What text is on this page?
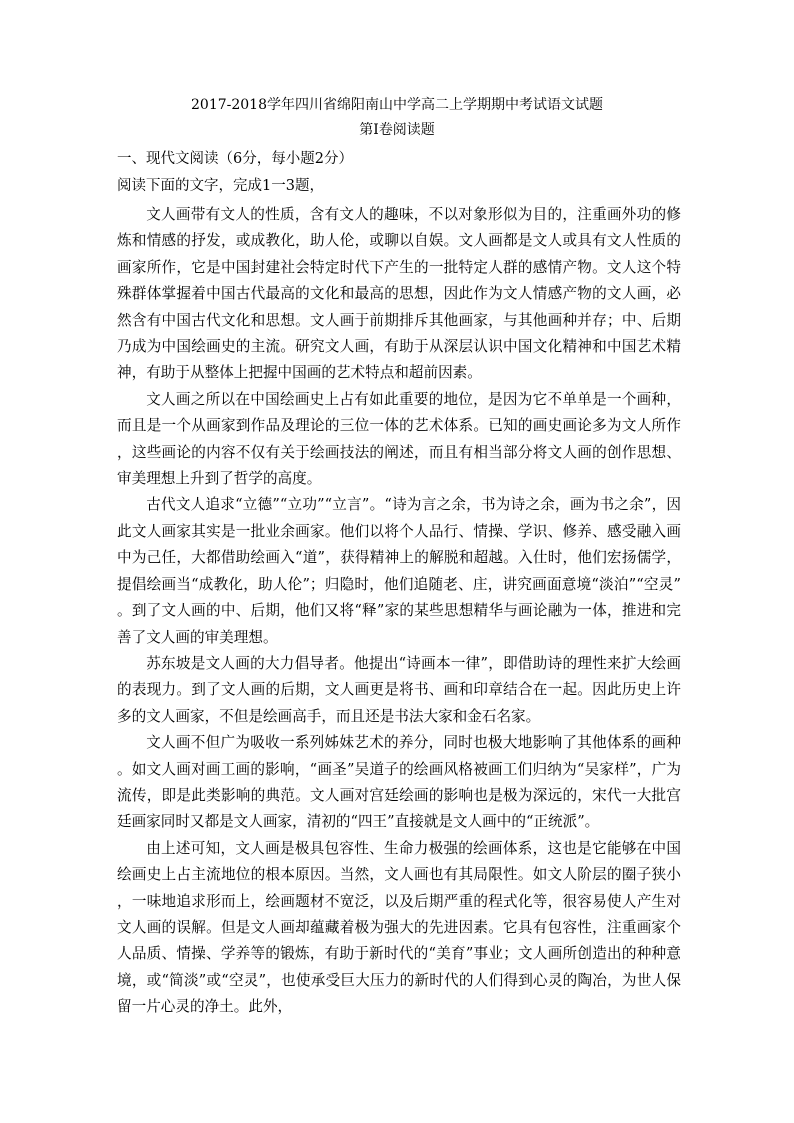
2017-2018学年四川省绵阳南山中学高二上学期期中考试语文试题
第Ⅰ卷阅读题
一、现代文阅读（6分，每小题2分）
阅读下面的文字，完成1一3题，

文人画带有文人的性质，含有文人的趣味，不以对象形似为目的，注重画外功的修炼和情感的抒发，或成教化，助人伦，或聊以自娱。文人画都是文人或具有文人性质的画家所作，它是中国封建社会特定时代下产生的一批特定人群的感情产物。文人这个特殊群体掌握着中国古代最高的文化和最高的思想，因此作为文人情感产物的文人画，必然含有中国古代文化和思想。文人画于前期排斥其他画家，与其他画种并存；中、后期乃成为中国绘画史的主流。研究文人画，有助于从深层认识中国文化精神和中国艺术精神，有助于从整体上把握中国画的艺术特点和超前因素。

文人画之所以在中国绘画史上占有如此重要的地位，是因为它不单单是一个画种，而且是一个从画家到作品及理论的三位一体的艺术体系。已知的画史画论多为文人所作，这些画论的内容不仅有关于绘画技法的阐述，而且有相当部分将文人画的创作思想、审美理想上升到了哲学的高度。

古代文人追求“立德”“立功”“立言”。“诗为言之余，书为诗之余，画为书之余”，因此文人画家其实是一批业余画家。他们以将个人品行、情操、学识、修养、感受融入画中为己任，大都借助绘画入“道”，获得精神上的解脱和超越。入仕时，他们宏扬儒学，提倡绘画当“成教化，助人伦”；归隐时，他们追随老、庄，讲究画面意境“淡泊”“空灵”。到了文人画的中、后期，他们又将“释”家的某些思想精华与画论融为一体，推进和完善了文人画的审美理想。

苏东坡是文人画的大力倡导者。他提出“诗画本一律”，即借助诗的理性来扩大绘画的表现力。到了文人画的后期，文人画更是将书、画和印章结合在一起。因此历史上许多的文人画家，不但是绘画高手，而且还是书法大家和金石名家。

文人画不但广为吸收一系列姊妹艺术的养分，同时也极大地影响了其他体系的画种。如文人画对画工画的影响，“画圣”吴道子的绘画风格被画工们归纳为“吴家样”，广为流传，即是此类影响的典范。文人画对宫廷绘画的影响也是极为深远的，宋代一大批宫廷画家同时又都是文人画家，清初的“四王”直接就是文人画中的“正统派”。

由上述可知，文人画是极具包容性、生命力极强的绘画体系，这也是它能够在中国绘画史上占主流地位的根本原因。当然，文人画也有其局限性。如文人阶层的圈子狭小，一味地追求形而上，绘画题材不宽泛，以及后期严重的程式化等，很容易使人产生对文人画的误解。但是文人画却蕴藏着极为强大的先进因素。它具有包容性，注重画家个人品质、情操、学养等的锻炼，有助于新时代的“美育”事业；文人画所创造出的种种意境，或“简淡”或“空灵”，也使承受巨大压力的新时代的人们得到心灵的陶冶，为世人保留一片心灵的净土。此外，
